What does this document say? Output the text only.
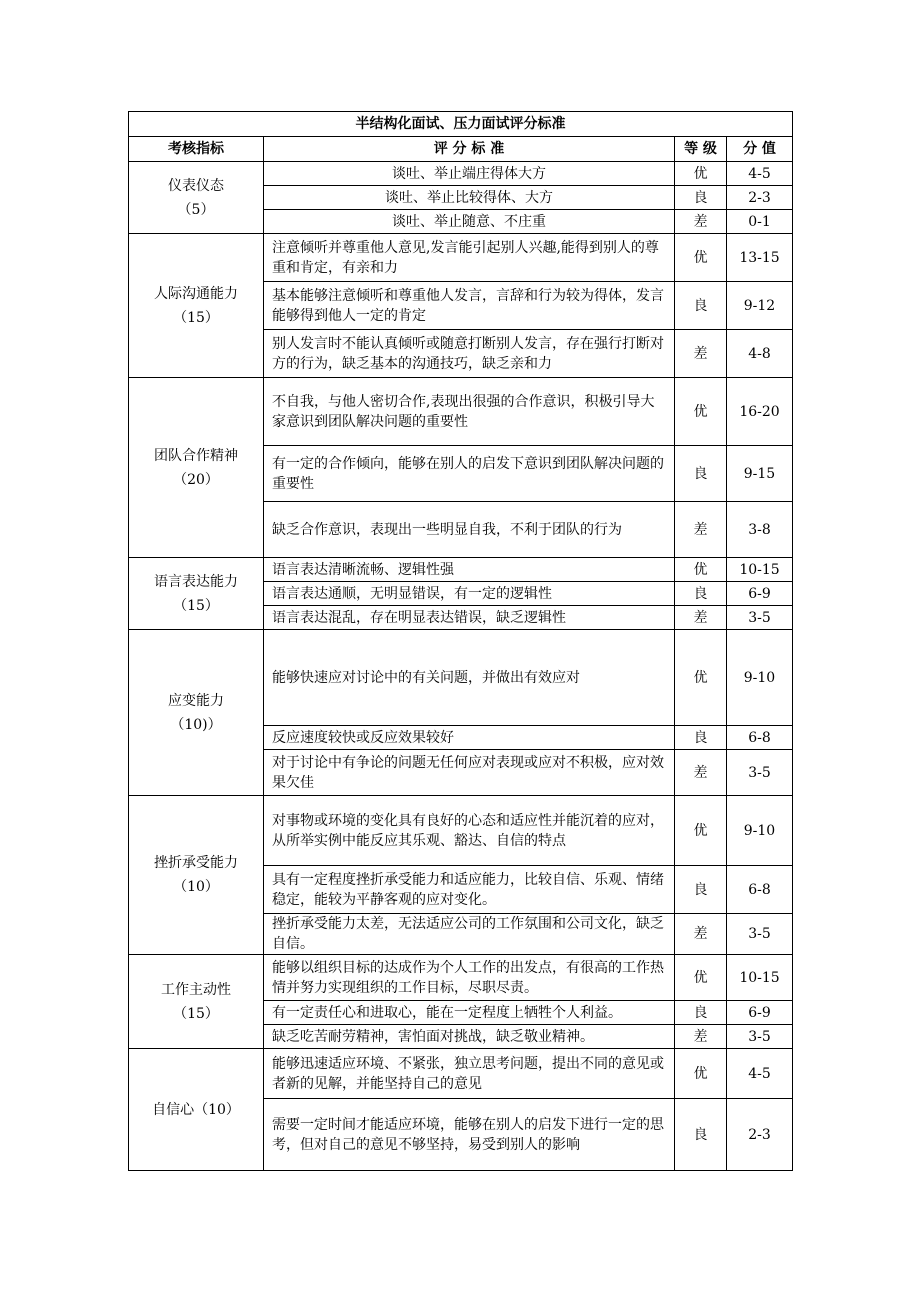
半结构化面试、压力面试评分标准			
考核指标	评 分 标 准	等 级	分 值

仪表仪态
（5）	谈吐、举止端庄得体大方	优	4-5
	谈吐、举止比较得体、大方	良	2-3
	谈吐、举止随意、不庄重	差	0-1

人际沟通能力
（15）	注意倾听并尊重他人意见,发言能引起别人兴趣,能得到别人的尊重和肯定，有亲和力	优	13-15
	基本能够注意倾听和尊重他人发言，言辞和行为较为得体，发言能够得到他人一定的肯定	良	9-12
	别人发言时不能认真倾听或随意打断别人发言，存在强行打断对方的行为，缺乏基本的沟通技巧，缺乏亲和力	差	4-8

团队合作精神
（20）	不自我，与他人密切合作,表现出很强的合作意识，积极引导大家意识到团队解决问题的重要性	优	16-20
	有一定的合作倾向，能够在别人的启发下意识到团队解决问题的重要性	良	9-15
	缺乏合作意识，表现出一些明显自我，不利于团队的行为	差	3-8

语言表达能力
（15）	语言表达清晰流畅、逻辑性强	优	10-15
	语言表达通顺，无明显错误，有一定的逻辑性	良	6-9
	语言表达混乱，存在明显表达错误，缺乏逻辑性	差	3-5

应变能力
（10)）	能够快速应对讨论中的有关问题，并做出有效应对	优	9-10
	反应速度较快或反应效果较好	良	6-8
	对于讨论中有争论的问题无任何应对表现或应对不积极，应对效果欠佳	差	3-5

挫折承受能力
（10）	对事物或环境的变化具有良好的心态和适应性并能沉着的应对，从所举实例中能反应其乐观、豁达、自信的特点	优	9-10
	具有一定程度挫折承受能力和适应能力，比较自信、乐观、情绪稳定，能较为平静客观的应对变化。	良	6-8
	挫折承受能力太差，无法适应公司的工作氛围和公司文化，缺乏自信。	差	3-5

工作主动性
（15）	能够以组织目标的达成作为个人工作的出发点，有很高的工作热情并努力实现组织的工作目标，尽职尽责。	优	10-15
	有一定责任心和进取心，能在一定程度上牺牲个人利益。	良	6-9
	缺乏吃苦耐劳精神，害怕面对挑战，缺乏敬业精神。	差	3-5

自信心（10）	能够迅速适应环境、不紧张，独立思考问题，提出不同的意见或者新的见解，并能坚持自己的意见	优	4-5
	需要一定时间才能适应环境，能够在别人的启发下进行一定的思考，但对自己的意见不够坚持，易受到别人的影响	良	2-3
